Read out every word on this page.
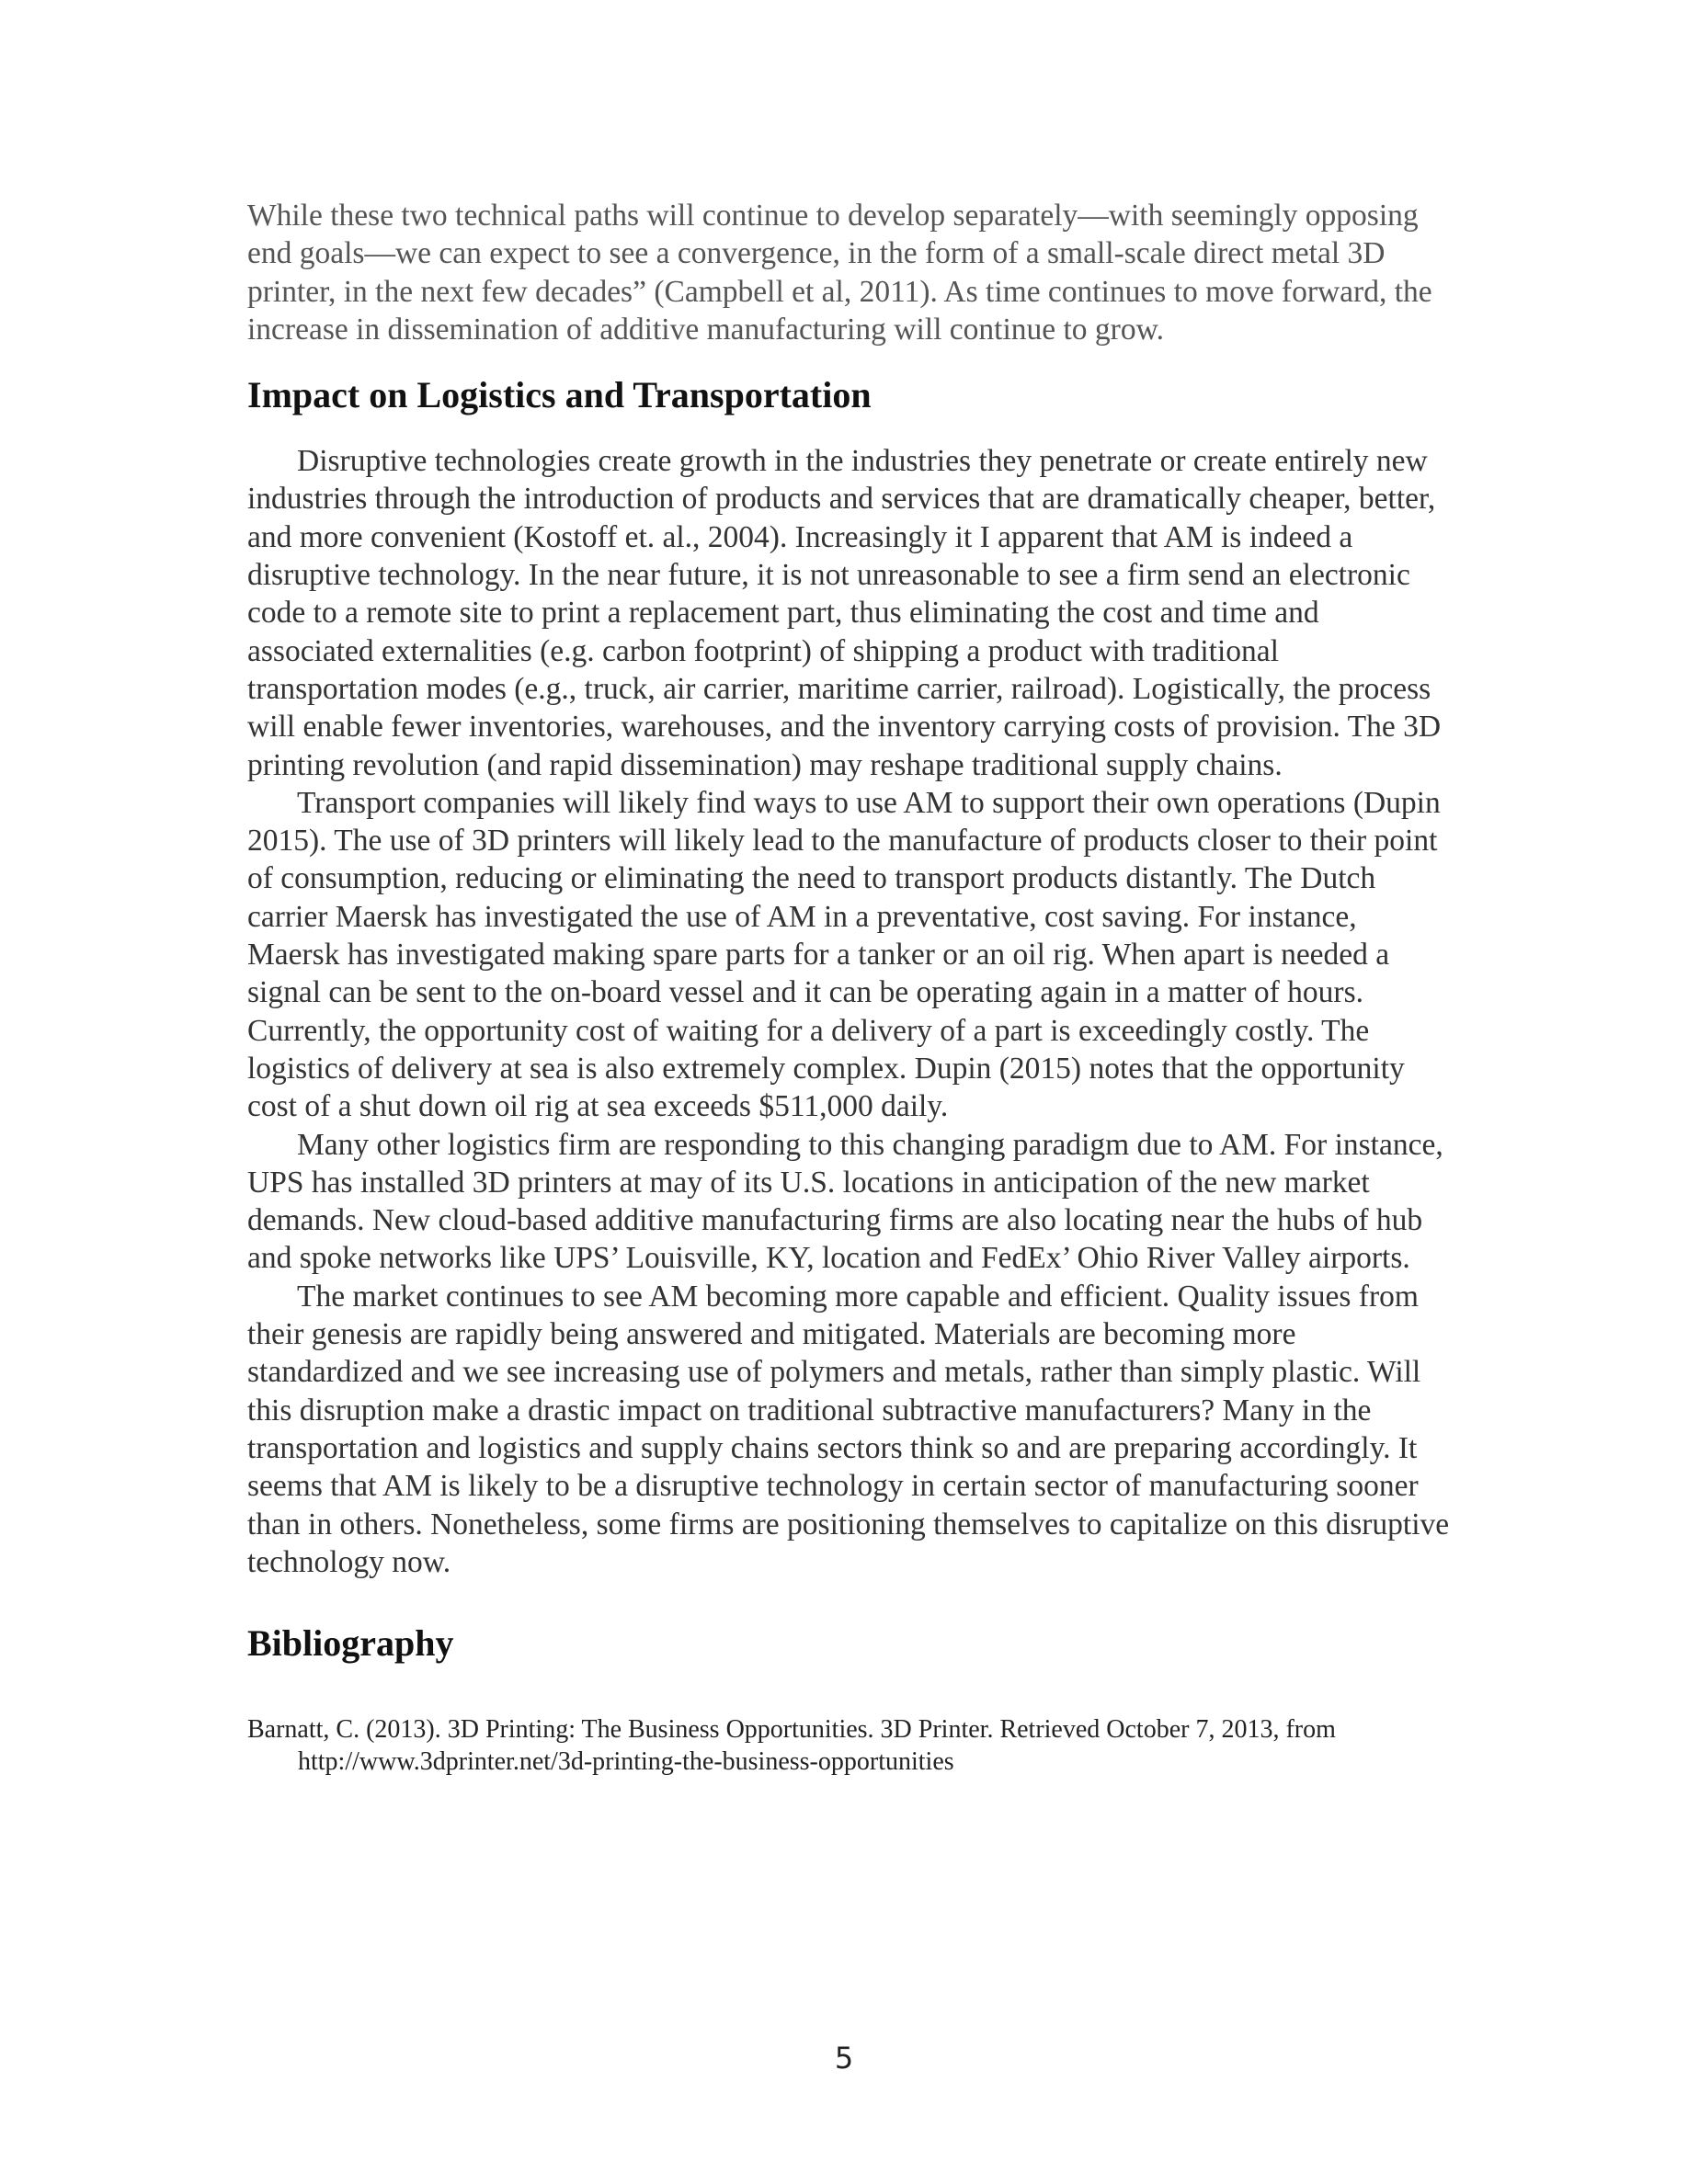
While these two technical paths will continue to develop separately—with seemingly opposing end goals—we can expect to see a convergence, in the form of a small-scale direct metal 3D printer, in the next few decades” (Campbell et al, 2011). As time continues to move forward, the increase in dissemination of additive manufacturing will continue to grow.

Impact on Logistics and Transportation

Disruptive technologies create growth in the industries they penetrate or create entirely new industries through the introduction of products and services that are dramatically cheaper, better, and more convenient (Kostoff et. al., 2004). Increasingly it I apparent that AM is indeed a disruptive technology. In the near future, it is not unreasonable to see a firm send an electronic code to a remote site to print a replacement part, thus eliminating the cost and time and associated externalities (e.g. carbon footprint) of shipping a product with traditional transportation modes (e.g., truck, air carrier, maritime carrier, railroad). Logistically, the process will enable fewer inventories, warehouses, and the inventory carrying costs of provision. The 3D printing revolution (and rapid dissemination) may reshape traditional supply chains.

Transport companies will likely find ways to use AM to support their own operations (Dupin 2015). The use of 3D printers will likely lead to the manufacture of products closer to their point of consumption, reducing or eliminating the need to transport products distantly. The Dutch carrier Maersk has investigated the use of AM in a preventative, cost saving. For instance, Maersk has investigated making spare parts for a tanker or an oil rig. When apart is needed a signal can be sent to the on-board vessel and it can be operating again in a matter of hours. Currently, the opportunity cost of waiting for a delivery of a part is exceedingly costly. The logistics of delivery at sea is also extremely complex. Dupin (2015) notes that the opportunity cost of a shut down oil rig at sea exceeds $511,000 daily.

Many other logistics firm are responding to this changing paradigm due to AM. For instance, UPS has installed 3D printers at may of its U.S. locations in anticipation of the new market demands. New cloud-based additive manufacturing firms are also locating near the hubs of hub and spoke networks like UPS’ Louisville, KY, location and FedEx’ Ohio River Valley airports.

The market continues to see AM becoming more capable and efficient. Quality issues from their genesis are rapidly being answered and mitigated. Materials are becoming more standardized and we see increasing use of polymers and metals, rather than simply plastic. Will this disruption make a drastic impact on traditional subtractive manufacturers? Many in the transportation and logistics and supply chains sectors think so and are preparing accordingly. It seems that AM is likely to be a disruptive technology in certain sector of manufacturing sooner than in others. Nonetheless, some firms are positioning themselves to capitalize on this disruptive technology now.

Bibliography

Barnatt, C. (2013). 3D Printing: The Business Opportunities. 3D Printer. Retrieved October 7, 2013, from http://www.3dprinter.net/3d-printing-the-business-opportunities

5
